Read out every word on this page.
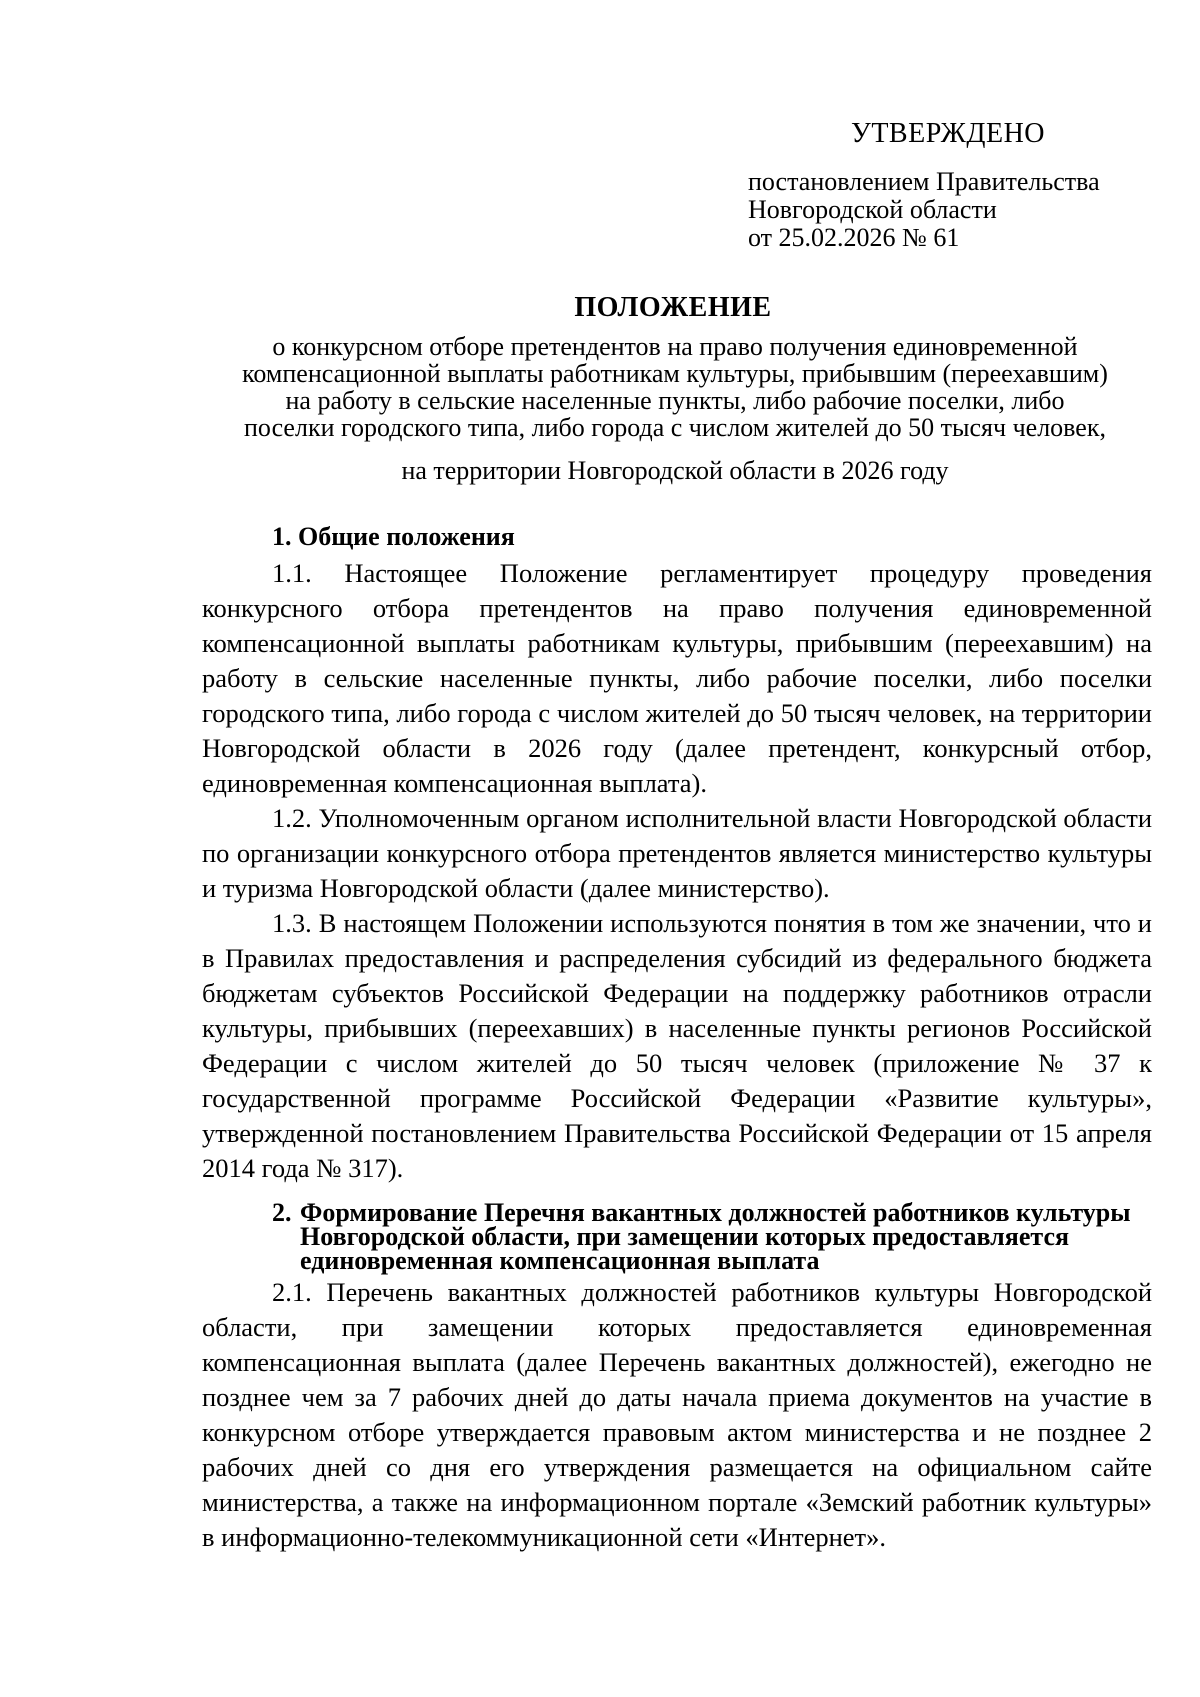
УТВЕРЖДЕНО
постановлением Правительства
Новгородской области
от 25.02.2026 № 61
ПОЛОЖЕНИЕ
о конкурсном отборе претендентов на право получения единовременной
компенсационной выплаты работникам культуры, прибывшим (переехавшим)
на работу в сельские населенные пункты, либо рабочие поселки, либо
поселки городского типа, либо города с числом жителей до 50 тысяч человек,
на территории Новгородской области в 2026 году
1. Общие положения

1.1. Настоящее Положение регламентирует процедуру проведения конкурсного отбора претендентов на право получения единовременной компенсационной выплаты работникам культуры, прибывшим (переехавшим) на работу в сельские населенные пункты, либо рабочие поселки, либо поселки городского типа, либо города с числом жителей до 50 тысяч человек, на территории Новгородской области в 2026 году (далее претендент, конкурсный отбор, единовременная компенсационная выплата).

1.2. Уполномоченным органом исполнительной власти Новгородской области по организации конкурсного отбора претендентов является министерство культуры и туризма Новгородской области (далее министерство).

1.3. В настоящем Положении используются понятия в том же значении, что и в Правилах предоставления и распределения субсидий из федерального бюджета бюджетам субъектов Российской Федерации на поддержку работников отрасли культуры, прибывших (переехавших) в населенные пункты регионов Российской Федерации с числом жителей до 50 тысяч человек (приложение № 37 к государственной программе Российской Федерации «Развитие культуры», утвержденной постановлением Правительства Российской Федерации от 15 апреля 2014 года № 317).

2. Формирование Перечня вакантных должностей работников культуры
Новгородской области, при замещении которых предоставляется
единовременная компенсационная выплата

2.1. Перечень вакантных должностей работников культуры Новгородской области, при замещении которых предоставляется единовременная компенсационная выплата (далее Перечень вакантных должностей), ежегодно не позднее чем за 7 рабочих дней до даты начала приема документов на участие в конкурсном отборе утверждается правовым актом министерства и не позднее 2 рабочих дней со дня его утверждения размещается на официальном сайте министерства, а также на информационном портале «Земский работник культуры» в информационно-телекоммуникационной сети «Интернет».
